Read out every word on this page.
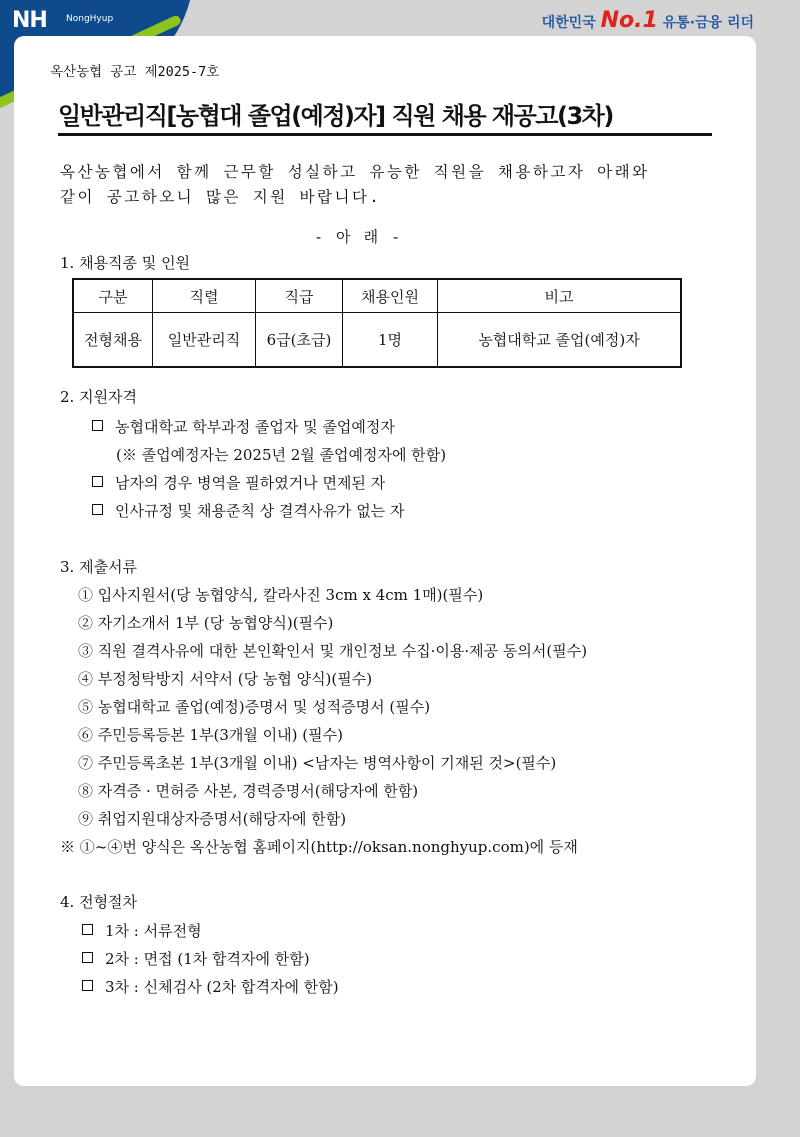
NH NongHyup	대한민국 No.1 유통·금융 리더
옥산농협 공고 제2025-7호
일반관리직[농협대 졸업(예정)자] 직원 채용 재공고(3차)
옥산농협에서 함께 근무할 성실하고 유능한 직원을 채용하고자 아래와
같이 공고하오니 많은 지원 바랍니다.
- 아 래 -
1. 채용직종 및 인원
구분	직렬	직급	채용인원	비고
전형채용	일반관리직	6급(초급)	1명	농협대학교 졸업(예정)자
2. 지원자격
농협대학교 학부과정 졸업자 및 졸업예정자
(※ 졸업예정자는 2025년 2월 졸업예정자에 한함)
남자의 경우 병역을 필하였거나 면제된 자
인사규정 및 채용준칙 상 결격사유가 없는 자
3. 제출서류
① 입사지원서(당 농협양식, 칼라사진 3cm x 4cm 1매)(필수)
② 자기소개서 1부 (당 농협양식)(필수)
③ 직원 결격사유에 대한 본인확인서 및 개인정보 수집·이용·제공 동의서(필수)
④ 부정청탁방지 서약서 (당 농협 양식)(필수)
⑤ 농협대학교 졸업(예정)증명서 및 성적증명서 (필수)
⑥ 주민등록등본 1부(3개월 이내) (필수)
⑦ 주민등록초본 1부(3개월 이내) <남자는 병역사항이 기재된 것>(필수)
⑧ 자격증 · 면허증 사본, 경력증명서(해당자에 한함)
⑨ 취업지원대상자증명서(해당자에 한함)
※ ①~④번 양식은 옥산농협 홈페이지(http://oksan.nonghyup.com)에 등재
4. 전형절차
1차 : 서류전형
2차 : 면접 (1차 합격자에 한함)
3차 : 신체검사 (2차 합격자에 한함)
